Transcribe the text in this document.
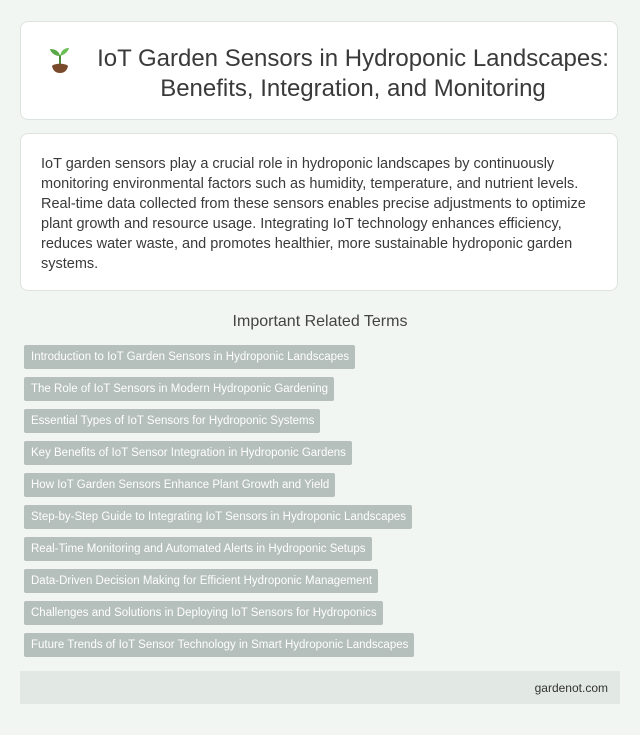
IoT Garden Sensors in Hydroponic Landscapes: Benefits, Integration, and Monitoring

IoT garden sensors play a crucial role in hydroponic landscapes by continuously monitoring environmental factors such as humidity, temperature, and nutrient levels. Real-time data collected from these sensors enables precise adjustments to optimize plant growth and resource usage. Integrating IoT technology enhances efficiency, reduces water waste, and promotes healthier, more sustainable hydroponic garden systems.

Important Related Terms
Introduction to IoT Garden Sensors in Hydroponic Landscapes
The Role of IoT Sensors in Modern Hydroponic Gardening
Essential Types of IoT Sensors for Hydroponic Systems
Key Benefits of IoT Sensor Integration in Hydroponic Gardens
How IoT Garden Sensors Enhance Plant Growth and Yield
Step-by-Step Guide to Integrating IoT Sensors in Hydroponic Landscapes
Real-Time Monitoring and Automated Alerts in Hydroponic Setups
Data-Driven Decision Making for Efficient Hydroponic Management
Challenges and Solutions in Deploying IoT Sensors for Hydroponics
Future Trends of IoT Sensor Technology in Smart Hydroponic Landscapes
gardenot.com
